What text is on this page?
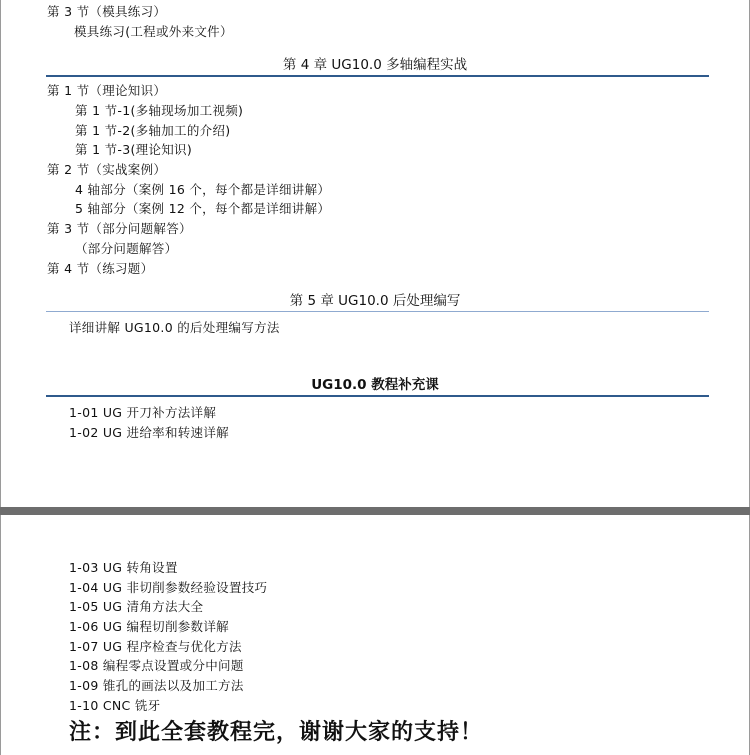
第 3 节（模具练习）
模具练习(工程或外来文件）
第 4 章 UG10.0 多轴编程实战
第 1 节（理论知识）
第 1 节-1(多轴现场加工视频)
第 1 节-2(多轴加工的介绍)
第 1 节-3(理论知识)
第 2 节（实战案例）
4 轴部分（案例 16 个，每个都是详细讲解）
5 轴部分（案例 12 个，每个都是详细讲解）
第 3 节（部分问题解答）
（部分问题解答）
第 4 节（练习题）
第 5 章 UG10.0 后处理编写
详细讲解 UG10.0 的后处理编写方法
UG10.0 教程补充课
1-01 UG 开刀补方法详解
1-02 UG 进给率和转速详解
1-03 UG 转角设置
1-04 UG 非切削参数经验设置技巧
1-05 UG 清角方法大全
1-06 UG 编程切削参数详解
1-07 UG 程序检查与优化方法
1-08 编程零点设置或分中问题
1-09 锥孔的画法以及加工方法
1-10 CNC 铣牙
注：到此全套教程完，谢谢大家的支持！
